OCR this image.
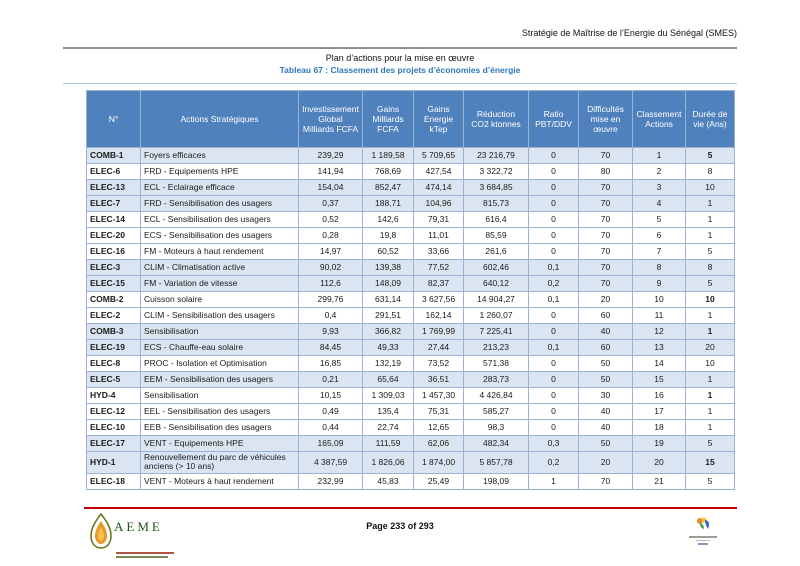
Stratégie de Maîtrise de l’Energie du Sénégal (SMES)
Plan d’actions pour la mise en œuvre
Tableau 67 : Classement des projets d’économies d’énergie
N°	Actions Stratégiques	Investissement Global Milliards FCFA	Gains Milliards FCFA	Gains Energie kTep	Réduction CO2 ktonnes	Ratio PBT/DDV	Difficultés mise en œuvre	Classement Actions	Durée de vie (Ans)
COMB-1	Foyers efficaces	239,29	1 189,58	5 709,65	23 216,79	0	70	1	5
ELEC-6	FRD - Equipements HPE	141,94	768,69	427,54	3 322,72	0	80	2	8
ELEC-13	ECL - Eclairage efficace	154,04	852,47	474,14	3 684,85	0	70	3	10
ELEC-7	FRD - Sensibilisation des usagers	0,37	188,71	104,96	815,73	0	70	4	1
ELEC-14	ECL - Sensibilisation des usagers	0,52	142,6	79,31	616,4	0	70	5	1
ELEC-20	ECS - Sensibilisation des usagers	0,28	19,8	11,01	85,59	0	70	6	1
ELEC-16	FM - Moteurs à haut rendement	14,97	60,52	33,66	261,6	0	70	7	5
ELEC-3	CLIM - Climatisation active	90,02	139,38	77,52	602,46	0,1	70	8	8
ELEC-15	FM - Variation de vitesse	112,6	148,09	82,37	640,12	0,2	70	9	5
COMB-2	Cuisson solaire	299,76	631,14	3 627,56	14 904,27	0,1	20	10	10
ELEC-2	CLIM - Sensibilisation des usagers	0,4	291,51	162,14	1 260,07	0	60	11	1
COMB-3	Sensibilisation	9,93	366,82	1 769,99	7 225,41	0	40	12	1
ELEC-19	ECS - Chauffe-eau solaire	84,45	49,33	27,44	213,23	0,1	60	13	20
ELEC-8	PROC - Isolation et Optimisation	16,85	132,19	73,52	571,38	0	50	14	10
ELEC-5	EEM - Sensibilisation des usagers	0,21	65,64	36,51	283,73	0	50	15	1
HYD-4	Sensibilisation	10,15	1 309,03	1 457,30	4 426,84	0	30	16	1
ELEC-12	EEL - Sensibilisation des usagers	0,49	135,4	75,31	585,27	0	40	17	1
ELEC-10	EEB - Sensibilisation des usagers	0,44	22,74	12,65	98,3	0	40	18	1
ELEC-17	VENT - Equipements HPE	165,09	111,59	62,06	482,34	0,3	50	19	5
HYD-1	Renouvellement du parc de véhicules anciens (> 10 ans)	4 387,59	1 826,06	1 874,00	5 857,78	0,2	20	20	15
ELEC-18	VENT - Moteurs à haut rendement	232,99	45,83	25,49	198,09	1	70	21	5
AEME	Page 233 of 293
